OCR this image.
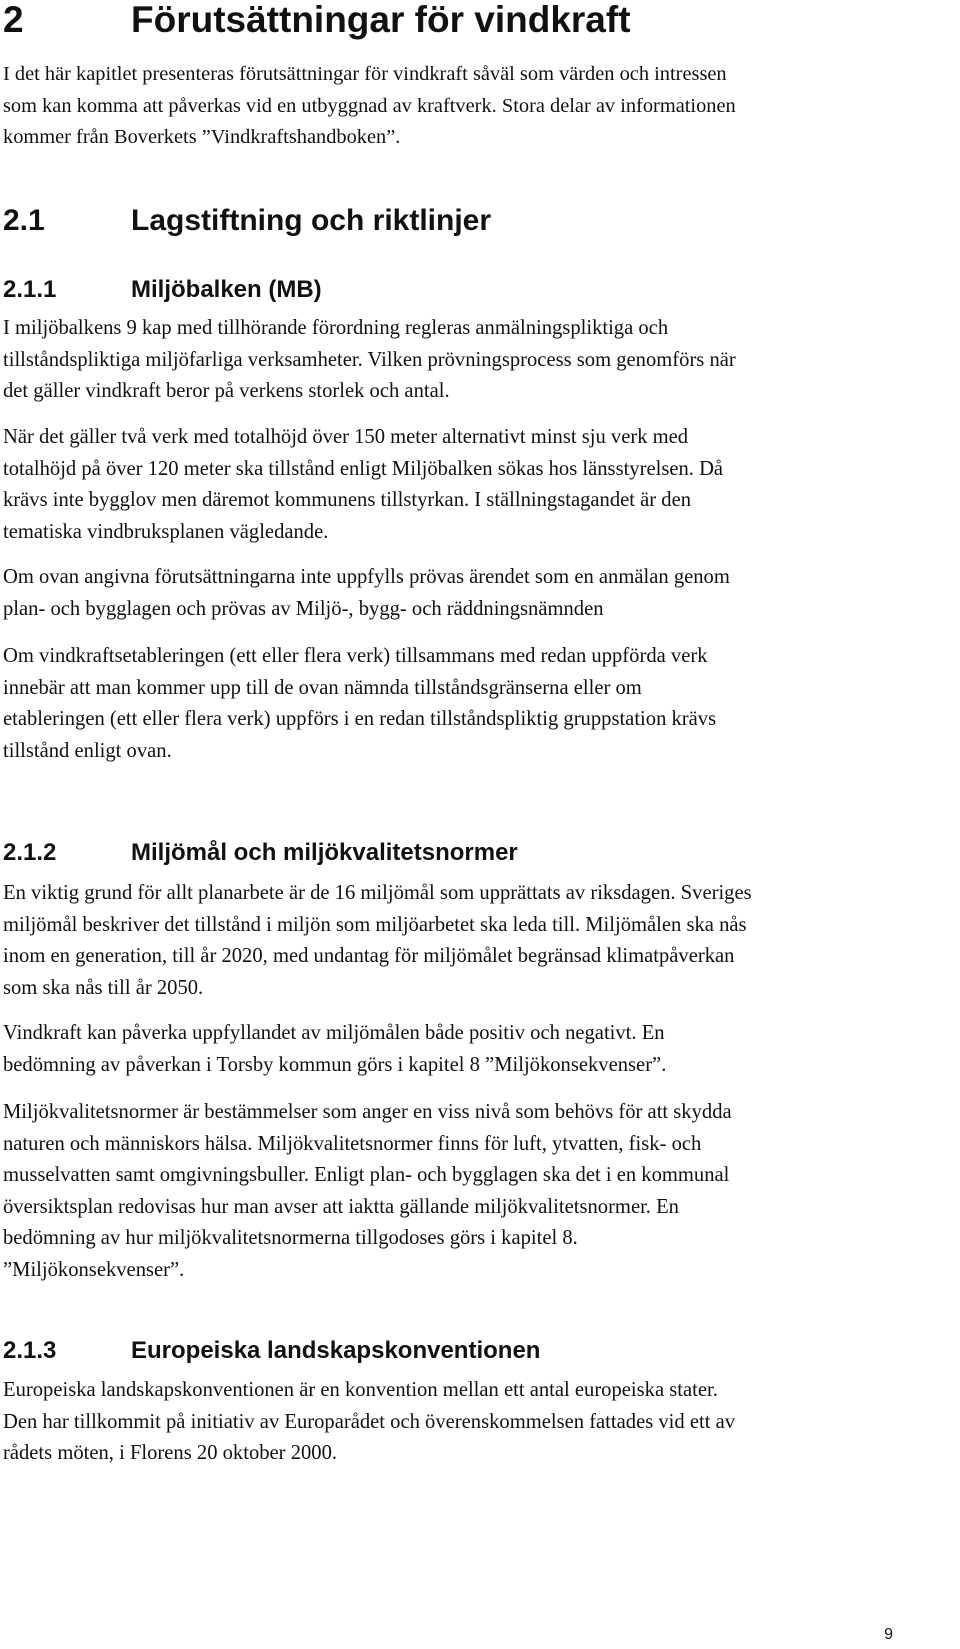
2	Förutsättningar för vindkraft

I det här kapitlet presenteras förutsättningar för vindkraft såväl som värden och intressen
som kan komma att påverkas vid en utbyggnad av kraftverk. Stora delar av informationen
kommer från Boverkets ”Vindkraftshandboken”.

2.1	Lagstiftning och riktlinjer
2.1.1	Miljöbalken (MB)

I miljöbalkens 9 kap med tillhörande förordning regleras anmälningspliktiga och
tillståndspliktiga miljöfarliga verksamheter. Vilken prövningsprocess som genomförs när
det gäller vindkraft beror på verkens storlek och antal.

När det gäller två verk med totalhöjd över 150 meter alternativt minst sju verk med
totalhöjd på över 120 meter ska tillstånd enligt Miljöbalken sökas hos länsstyrelsen. Då
krävs inte bygglov men däremot kommunens tillstyrkan. I ställningstagandet är den
tematiska vindbruksplanen vägledande.

Om ovan angivna förutsättningarna inte uppfylls prövas ärendet som en anmälan genom
plan- och bygglagen och prövas av Miljö-, bygg- och räddningsnämnden

Om vindkraftsetableringen (ett eller flera verk) tillsammans med redan uppförda verk
innebär att man kommer upp till de ovan nämnda tillståndsgränserna eller om
etableringen (ett eller flera verk) uppförs i en redan tillståndspliktig gruppstation krävs
tillstånd enligt ovan.

2.1.2	Miljömål och miljökvalitetsnormer

En viktig grund för allt planarbete är de 16 miljömål som upprättats av riksdagen. Sveriges
miljömål beskriver det tillstånd i miljön som miljöarbetet ska leda till. Miljömålen ska nås
inom en generation, till år 2020, med undantag för miljömålet begränsad klimatpåverkan
som ska nås till år 2050.

Vindkraft kan påverka uppfyllandet av miljömålen både positiv och negativt. En
bedömning av påverkan i Torsby kommun görs i kapitel 8 ”Miljökonsekvenser”.

Miljökvalitetsnormer är bestämmelser som anger en viss nivå som behövs för att skydda
naturen och människors hälsa. Miljökvalitetsnormer finns för luft, ytvatten, fisk- och
musselvatten samt omgivningsbuller. Enligt plan- och bygglagen ska det i en kommunal
översiktsplan redovisas hur man avser att iaktta gällande miljökvalitetsnormer. En
bedömning av hur miljökvalitetsnormerna tillgodoses görs i kapitel 8.
”Miljökonsekvenser”.

2.1.3	Europeiska landskapskonventionen

Europeiska landskapskonventionen är en konvention mellan ett antal europeiska stater.
Den har tillkommit på initiativ av Europarådet och överenskommelsen fattades vid ett av
rådets möten, i Florens 20 oktober 2000.

9
